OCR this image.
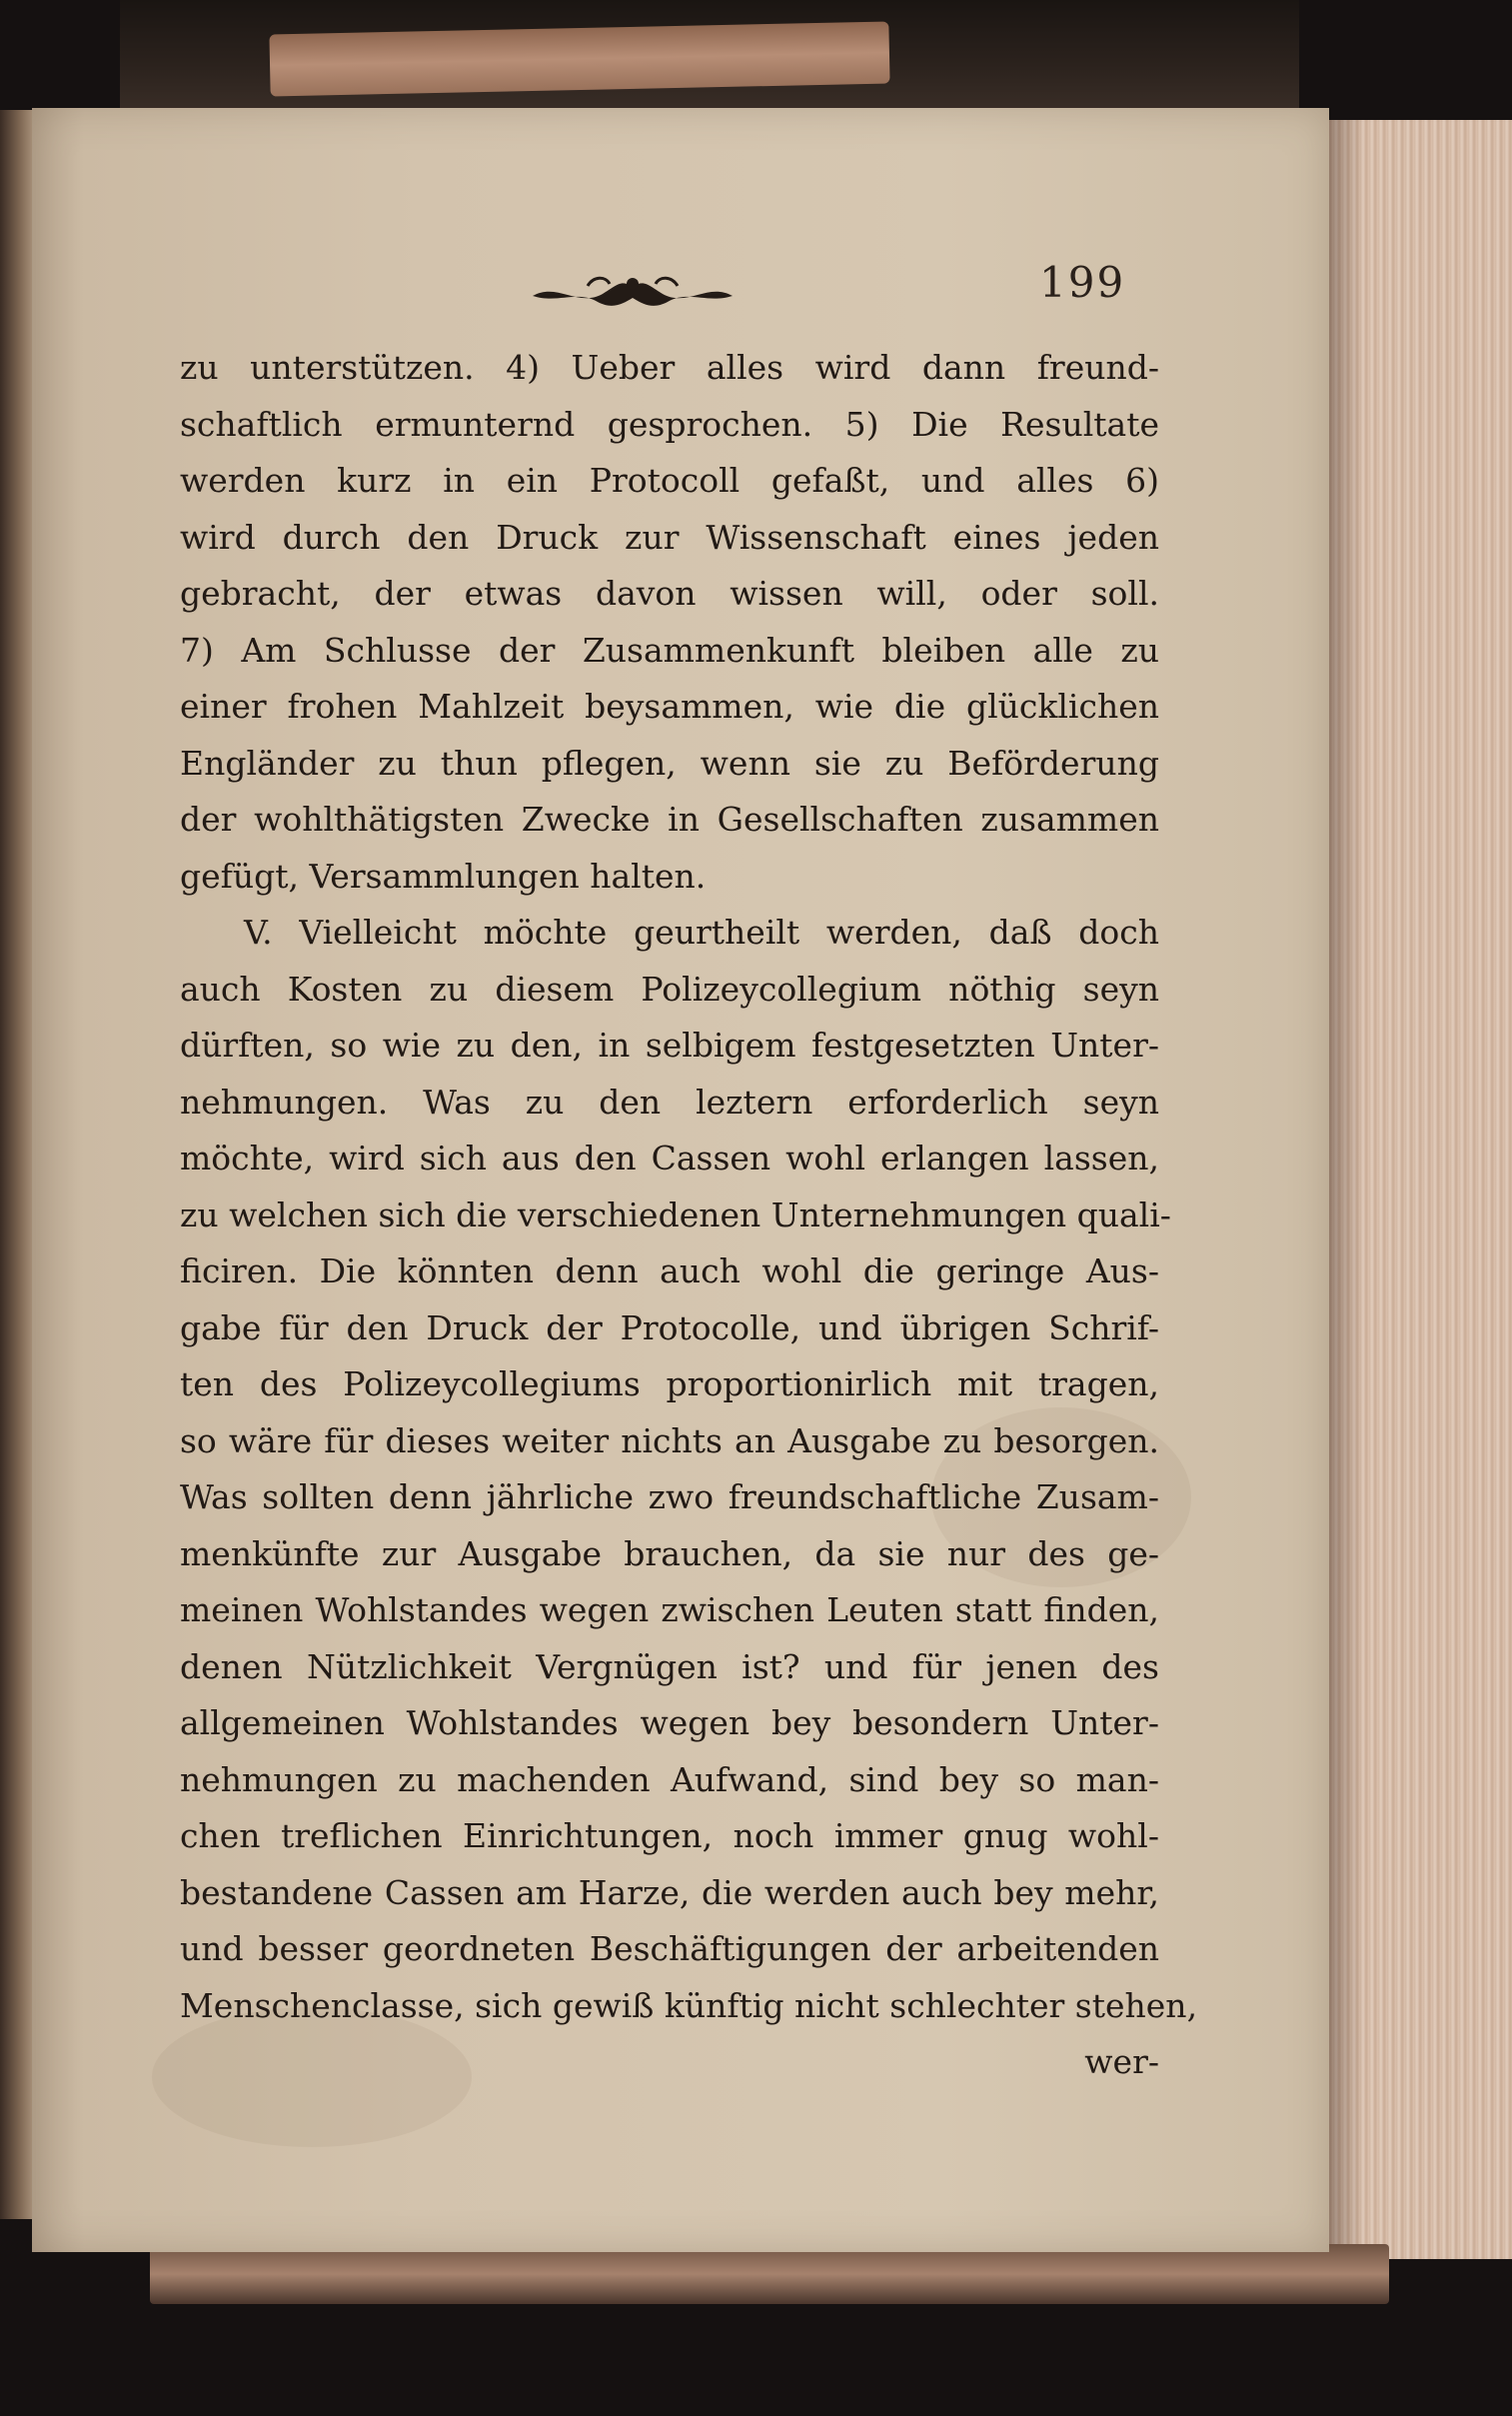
199
zu unterstützen. 4) Ueber alles wird dann freund-
schaftlich ermunternd gesprochen. 5) Die Resultate
werden kurz in ein Protocoll gefaßt, und alles 6)
wird durch den Druck zur Wissenschaft eines jeden
gebracht, der etwas davon wissen will, oder soll.
7) Am Schlusse der Zusammenkunft bleiben alle zu
einer frohen Mahlzeit beysammen, wie die glücklichen
Engländer zu thun pflegen, wenn sie zu Beförderung
der wohlthätigsten Zwecke in Gesellschaften zusammen
gefügt, Versammlungen halten.
V. Vielleicht möchte geurtheilt werden, daß doch
auch Kosten zu diesem Polizeycollegium nöthig seyn
dürften, so wie zu den, in selbigem festgesetzten Unter-
nehmungen. Was zu den leztern erforderlich seyn
möchte, wird sich aus den Cassen wohl erlangen lassen,
zu welchen sich die verschiedenen Unternehmungen quali-
ficiren. Die könnten denn auch wohl die geringe Aus-
gabe für den Druck der Protocolle, und übrigen Schrif-
ten des Polizeycollegiums proportionirlich mit tragen,
so wäre für dieses weiter nichts an Ausgabe zu besorgen.
Was sollten denn jährliche zwo freundschaftliche Zusam-
menkünfte zur Ausgabe brauchen, da sie nur des ge-
meinen Wohlstandes wegen zwischen Leuten statt finden,
denen Nützlichkeit Vergnügen ist? und für jenen des
allgemeinen Wohlstandes wegen bey besondern Unter-
nehmungen zu machenden Aufwand, sind bey so man-
chen treflichen Einrichtungen, noch immer gnug wohl-
bestandene Cassen am Harze, die werden auch bey mehr,
und besser geordneten Beschäftigungen der arbeitenden
Menschenclasse, sich gewiß künftig nicht schlechter stehen,
wer-
